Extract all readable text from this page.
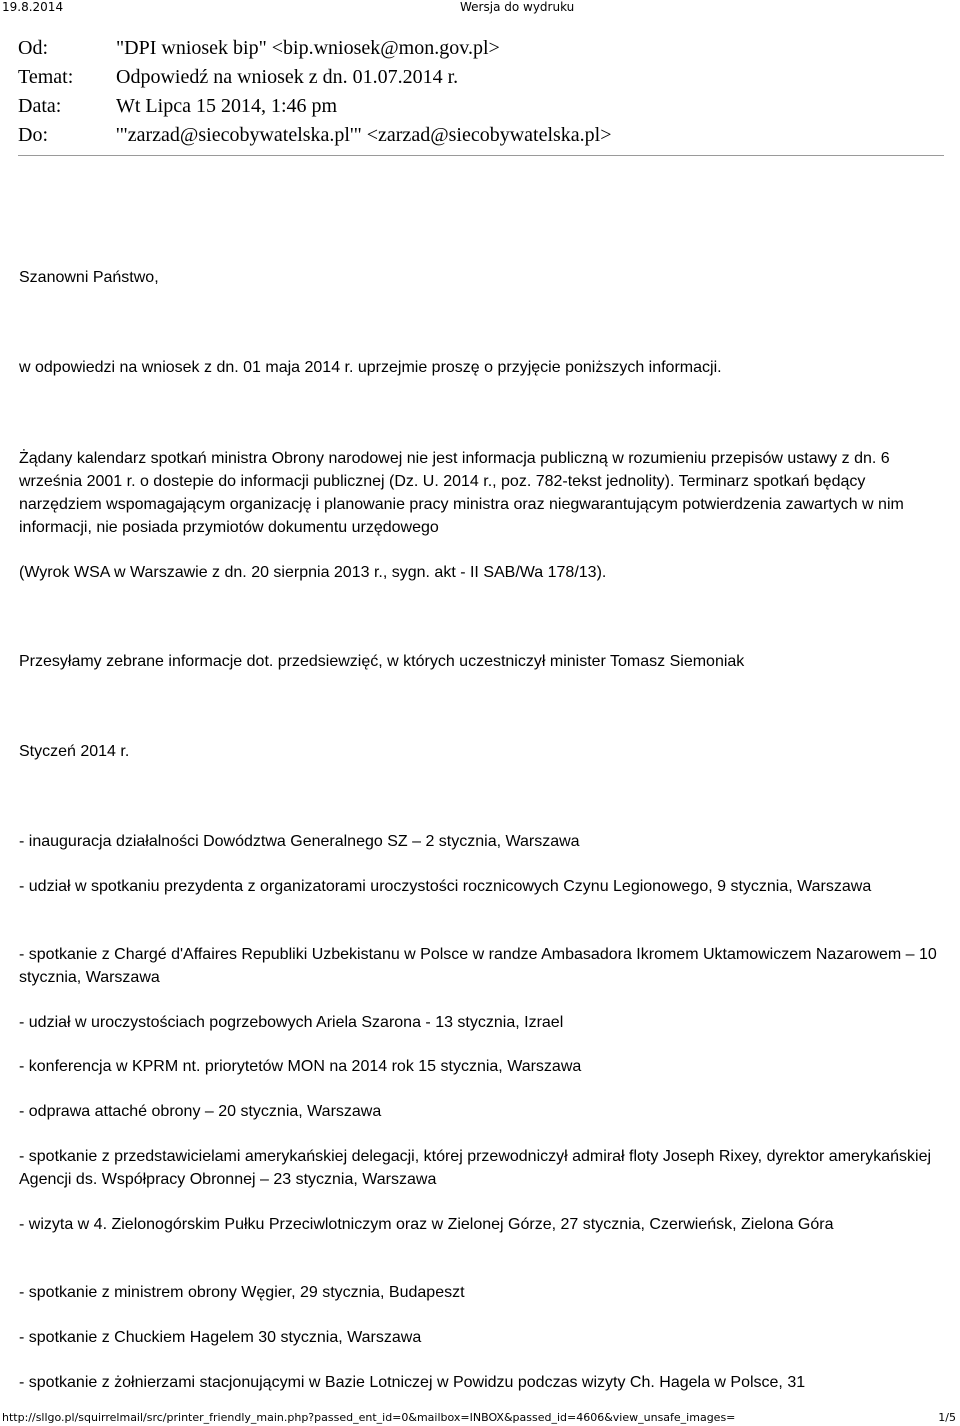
19.8.2014	Wersja do wydruku
Od:	"DPI wniosek bip" <bip.wniosek@mon.gov.pl>
Temat:	Odpowiedź na wniosek z dn. 01.07.2014 r.
Data:	Wt Lipca 15 2014, 1:46 pm
Do:	'"zarzad@siecobywatelska.pl'" <zarzad@siecobywatelska.pl>

Szanowni Państwo,

w odpowiedzi na wniosek z dn. 01 maja 2014 r. uprzejmie proszę o przyjęcie poniższych informacji.

Żądany kalendarz spotkań ministra Obrony narodowej nie jest informacja publiczną w rozumieniu przepisów ustawy z dn. 6 września 2001 r. o dostepie do informacji publicznej (Dz. U. 2014 r., poz. 782-tekst jednolity). Terminarz spotkań będący narzędziem wspomagającym organizację i planowanie pracy ministra oraz niegwarantującym potwierdzenia zawartych w nim informacji, nie posiada przymiotów dokumentu urzędowego

(Wyrok WSA w Warszawie z dn. 20 sierpnia 2013 r., sygn. akt - II SAB/Wa 178/13).

Przesyłamy zebrane informacje dot. przedsiewzięć, w których uczestniczył minister Tomasz Siemoniak

Styczeń 2014 r.

- inauguracja działalności Dowództwa Generalnego SZ – 2 stycznia, Warszawa

- udział w spotkaniu prezydenta z organizatorami uroczystości rocznicowych Czynu Legionowego, 9 stycznia, Warszawa

- spotkanie z Chargé d'Affaires Republiki Uzbekistanu w Polsce w randze Ambasadora Ikromem Uktamowiczem Nazarowem – 10 stycznia, Warszawa

- udział w uroczystościach pogrzebowych Ariela Szarona - 13 stycznia, Izrael

- konferencja w KPRM nt. priorytetów MON na 2014 rok 15 stycznia, Warszawa

- odprawa attaché obrony – 20 stycznia, Warszawa

- spotkanie z przedstawicielami amerykańskiej delegacji, której przewodniczył admirał floty Joseph Rixey, dyrektor amerykańskiej Agencji ds. Współpracy Obronnej – 23 stycznia, Warszawa

- wizyta w 4. Zielonogórskim Pułku Przeciwlotniczym oraz w Zielonej Górze, 27 stycznia, Czerwieńsk, Zielona Góra

- spotkanie z ministrem obrony Węgier, 29 stycznia, Budapeszt

- spotkanie z Chuckiem Hagelem 30 stycznia, Warszawa

- spotkanie z żołnierzami stacjonującymi w Bazie Lotniczej w Powidzu podczas wizyty Ch. Hagela w Polsce, 31

http://sllgo.pl/squirrelmail/src/printer_friendly_main.php?passed_ent_id=0&mailbox=INBOX&passed_id=4606&view_unsafe_images=	1/5
